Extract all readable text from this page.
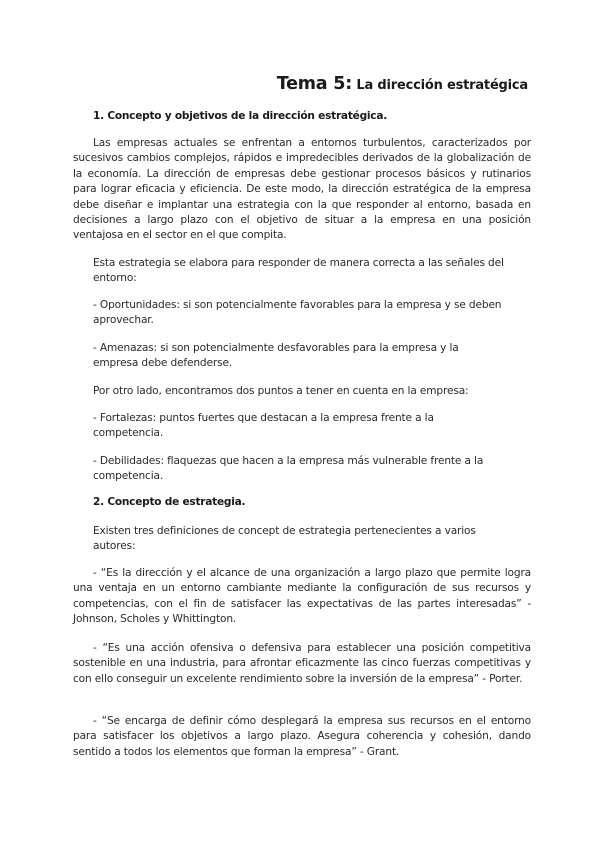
Tema 5: La dirección estratégica
1. Concepto y objetivos de la dirección estratégica.
Las empresas actuales se enfrentan a entornos turbulentos, caracterizados por sucesivos cambios complejos, rápidos e impredecibles derivados de la globalización de la economía. La dirección de empresas debe gestionar procesos básicos y rutinarios para lograr eficacia y eficiencia. De este modo, la dirección estratégica de la empresa debe diseñar e implantar una estrategia con la que responder al entorno, basada en decisiones a largo plazo con el objetivo de situar a la empresa en una posición ventajosa en el sector en el que compita.
Esta estrategia se elabora para responder de manera correcta a las señales del entorno:
- Oportunidades: si son potencialmente favorables para la empresa y se deben aprovechar.
- Amenazas: si son potencialmente desfavorables para la empresa y la empresa debe defenderse.
Por otro lado, encontramos dos puntos a tener en cuenta en la empresa:
- Fortalezas: puntos fuertes que destacan a la empresa frente a la competencia.
- Debilidades: flaquezas que hacen a la empresa más vulnerable frente a la competencia.
2. Concepto de estrategia.
Existen tres definiciones de concept de estrategia pertenecientes a varios autores:
- “Es la dirección y el alcance de una organización a largo plazo que permite logra una ventaja en un entorno cambiante mediante la configuración de sus recursos y competencias, con el fin de satisfacer las expectativas de las partes interesadas” - Johnson, Scholes y Whittington.
- “Es una acción ofensiva o defensiva para establecer una posición competitiva sostenible en una industria, para afrontar eficazmente las cinco fuerzas competitivas y con ello conseguir un excelente rendimiento sobre la inversión de la empresa” - Porter.
- “Se encarga de definir cómo desplegará la empresa sus recursos en el entorno para satisfacer los objetivos a largo plazo. Asegura coherencia y cohesión, dando sentido a todos los elementos que forman la empresa” - Grant.
